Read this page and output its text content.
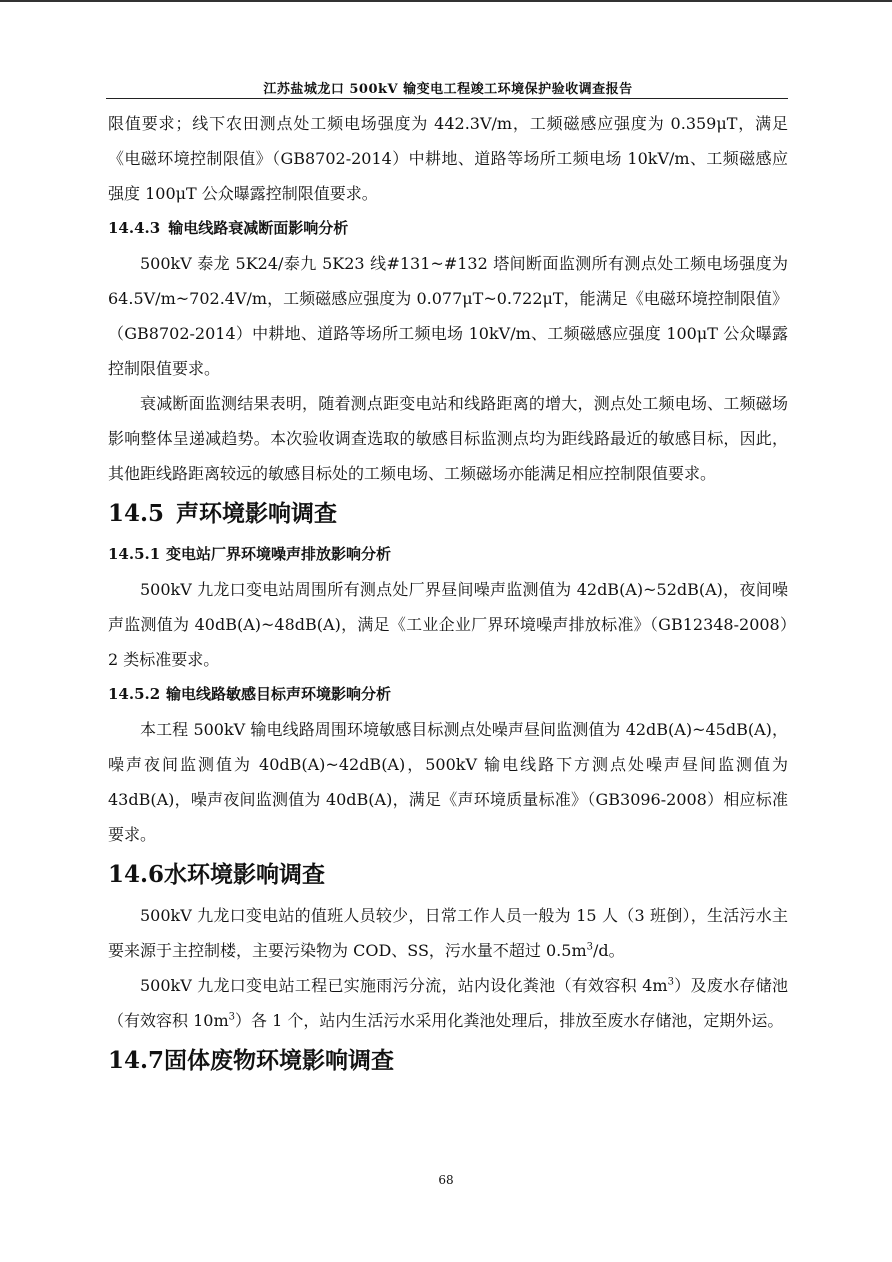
江苏盐城龙口 500kV 输变电工程竣工环境保护验收调查报告

限值要求；线下农田测点处工频电场强度为 442.3V/m，工频磁感应强度为 0.359μT，满足《电磁环境控制限值》（GB8702-2014）中耕地、道路等场所工频电场 10kV/m、工频磁感应强度 100μT 公众曝露控制限值要求。

14.4.3 输电线路衰减断面影响分析

500kV 泰龙 5K24/泰九 5K23 线#131~#132 塔间断面监测所有测点处工频电场强度为 64.5V/m~702.4V/m，工频磁感应强度为 0.077μT~0.722μT，能满足《电磁环境控制限值》（GB8702-2014）中耕地、道路等场所工频电场 10kV/m、工频磁感应强度 100μT 公众曝露控制限值要求。

衰减断面监测结果表明，随着测点距变电站和线路距离的增大，测点处工频电场、工频磁场影响整体呈递减趋势。本次验收调查选取的敏感目标监测点均为距线路最近的敏感目标，因此，其他距线路距离较远的敏感目标处的工频电场、工频磁场亦能满足相应控制限值要求。

14.5 声环境影响调查
14.5.1 变电站厂界环境噪声排放影响分析

500kV 九龙口变电站周围所有测点处厂界昼间噪声监测值为 42dB(A)~52dB(A)，夜间噪声监测值为 40dB(A)~48dB(A)，满足《工业企业厂界环境噪声排放标准》（GB12348-2008）2 类标准要求。

14.5.2 输电线路敏感目标声环境影响分析

本工程 500kV 输电线路周围环境敏感目标测点处噪声昼间监测值为 42dB(A)~45dB(A)，噪声夜间监测值为 40dB(A)~42dB(A)，500kV 输电线路下方测点处噪声昼间监测值为 43dB(A)，噪声夜间监测值为 40dB(A)，满足《声环境质量标准》（GB3096-2008）相应标准要求。

14.6水环境影响调查

500kV 九龙口变电站的值班人员较少，日常工作人员一般为 15 人（3 班倒），生活污水主要来源于主控制楼，主要污染物为 COD、SS，污水量不超过 $0.5m^3/d$。

500kV 九龙口变电站工程已实施雨污分流，站内设化粪池（有效容积 $4m^3$）及废水存储池（有效容积 $10m^3$）各 1 个，站内生活污水采用化粪池处理后，排放至废水存储池，定期外运。

14.7固体废物环境影响调查
68
